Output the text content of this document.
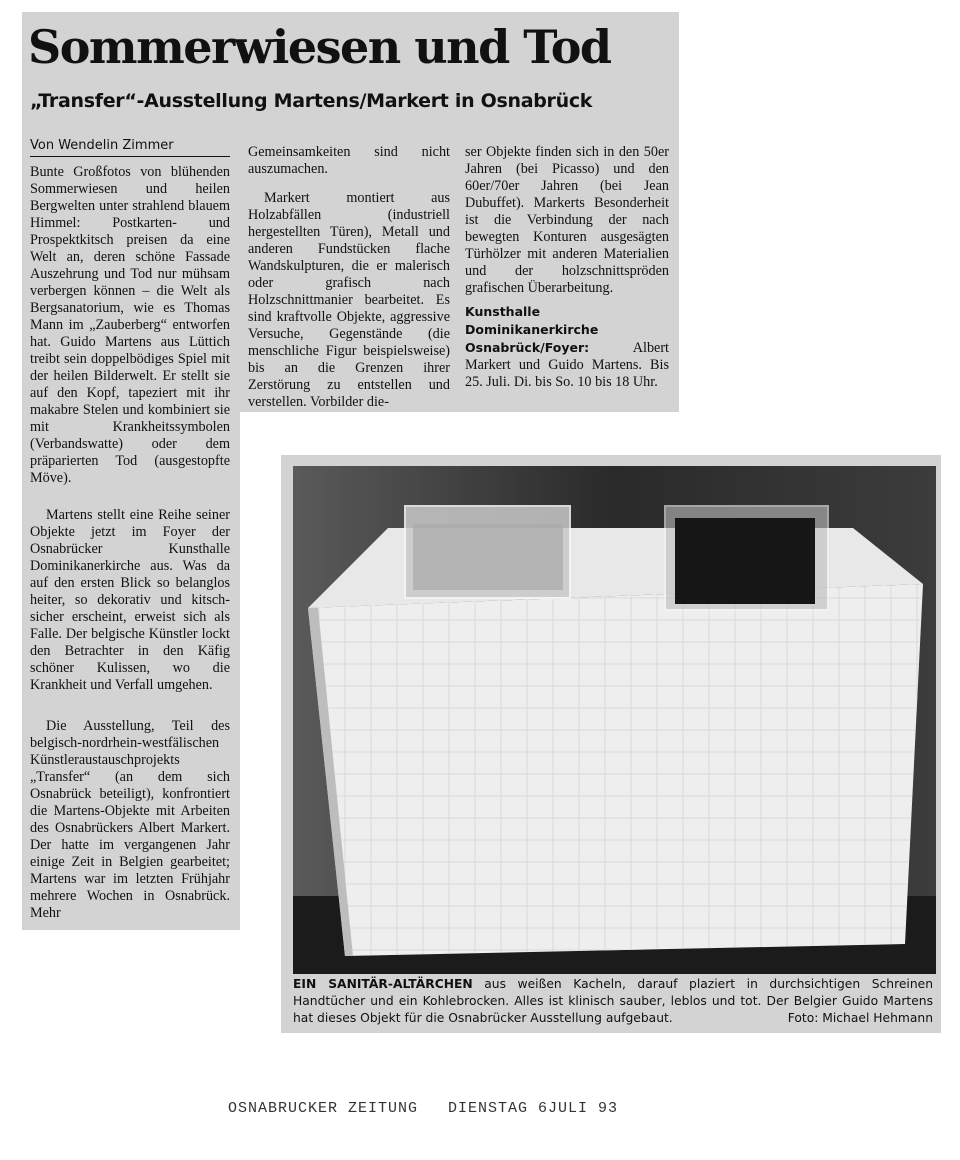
Sommerwiesen und Tod
„Transfer“-Ausstellung Martens/Markert in Osnabrück
Von Wendelin Zimmer

Bunte Großfotos von blühenden Sommerwiesen und heilen Bergwelten unter strahlend blauem Himmel: Postkarten- und Prospektkitsch preisen da eine Welt an, deren schöne Fassade Auszehrung und Tod nur mühsam verbergen können – die Welt als Bergsanatorium, wie es Thomas Mann im „Zauberberg“ entworfen hat. Guido Martens aus Lüttich treibt sein doppelbödiges Spiel mit der heilen Bilderwelt. Er stellt sie auf den Kopf, tapeziert mit ihr makabre Stelen und kombiniert sie mit Krankheitssymbolen (Verbandswatte) oder dem präparierten Tod (ausgestopfte Möve).

Martens stellt eine Reihe seiner Objekte jetzt im Foyer der Osnabrücker Kunsthalle Dominikanerkirche aus. Was da auf den ersten Blick so belanglos heiter, so dekorativ und kitsch-sicher erscheint, erweist sich als Falle. Der belgische Künstler lockt den Betrachter in den Käfig schöner Kulissen, wo die Krankheit und Verfall umgehen.

Die Ausstellung, Teil des belgisch-nordrhein-westfälischen Künstleraustauschprojekts „Transfer“ (an dem sich Osnabrück beteiligt), konfrontiert die Martens-Objekte mit Arbeiten des Osnabrückers Albert Markert. Der hatte im vergangenen Jahr einige Zeit in Belgien gearbeitet; Martens war im letzten Frühjahr mehrere Wochen in Osnabrück. Mehr

Gemeinsamkeiten sind nicht auszumachen.

Markert montiert aus Holzabfällen (industriell hergestellten Türen), Metall und anderen Fundstücken flache Wandskulpturen, die er malerisch oder grafisch nach Holzschnittmanier bearbeitet. Es sind kraftvolle Objekte, aggressive Versuche, Gegenstände (die menschliche Figur beispielsweise) bis an die Grenzen ihrer Zerstörung zu entstellen und verstellen. Vorbilder die-

ser Objekte finden sich in den 50er Jahren (bei Picasso) und den 60er/70er Jahren (bei Jean Dubuffet). Markerts Besonderheit ist die Verbindung der nach bewegten Konturen ausgesägten Türhölzer mit anderen Materialien und der holzschnittsprödеn grafischen Überarbeitung.

Kunsthalle Dominikanerkirche Osnabrück/Foyer:	Albert Markert und Guido Martens. Bis 25. Juli. Di. bis So. 10 bis 18 Uhr.

EIN SANITÄR-ALTÄRCHEN aus weißen Kacheln, darauf plaziert in durchsichtigen Schreinen Handtücher und ein Kohlebrocken. Alles ist klinisch sauber, leblos und tot. Der Belgier Guido Martens hat dieses Objekt für die Osnabrücker Ausstellung aufgebaut.	Foto: Michael Hehmann
OSNABRUCKER ZEITUNG   DIENSTAG 6JULI 93
